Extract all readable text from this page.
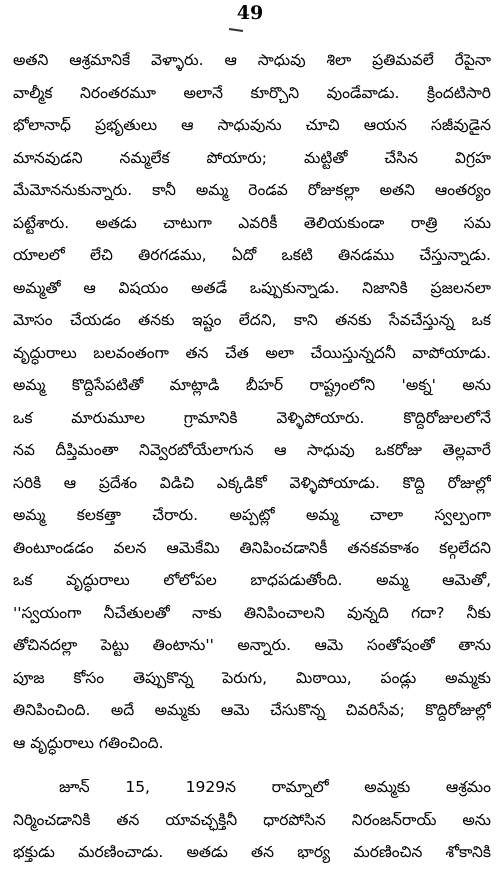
49
అతని ఆశ్రమానికే వెళ్ళారు. ఆ సాధువు శిలా ప్రతిమవలే రేపైనా
వాల్మీక నిరంతరమూ అలానే కూర్చొని వుండేవాడు. క్రిందటిసారి
భోలానాధ్ ప్రభృతులు ఆ సాధువును చూచి ఆయన సజీవుడైన
మానవుడని నమ్మలేక పోయారు; మట్టితో చేసిన విగ్రహ
మేమోననుకున్నారు. కానీ అమ్మ రెండవ రోజుకల్లా అతని ఆంతర్యం
పట్టేశారు. అతడు చాటుగా ఎవరికీ తెలియకుండా రాత్రి సమ
యాలలో లేచి తిరగడము, ఏదో ఒకటి తినడము చేస్తున్నాడు.
అమ్మతో ఆ విషయం అతడే ఒప్పుకున్నాడు. నిజానికి ప్రజలనలా
మోసం చేయడం తనకు ఇష్టం లేదని, కాని తనకు సేవచేస్తున్న ఒక
వృద్ధురాలు బలవంతంగా తన చేత అలా చేయిస్తున్నదనీ వాపోయాడు.
అమ్మ కొద్దిసేపటితో మాట్లాడి బీహర్ రాష్ట్రంలోని 'అక్న' అను
ఒక మారుమూల గ్రామానికి వెళ్ళిపోయారు. కొద్దిరోజులలోనే
నవ దీప్తిమంతా నివ్వెరబోయేలాగున ఆ సాధువు ఒకరోజు తెల్లవారే
సరికి ఆ ప్రదేశం విడిచి ఎక్కడికో వెళ్ళిపోయాడు. కొద్ది రోజుల్లో
అమ్మ కలకత్తా చేరారు. అప్పట్లో అమ్మ చాలా స్వల్పంగా
తింటూండడం వలన ఆమెకేమి తినిపించడానికీ తనకవకాశం కల్గలేదని
ఒక వృద్ధురాలు లోలోపల బాధపడుతోంది. అమ్మ ఆమెతో,
''స్వయంగా నీచేతులతో నాకు తినిపించాలని వున్నది గదా? నీకు
తోచినదల్లా పెట్టు తింటాను'' అన్నారు. ఆమె సంతోషంతో తాను
పూజ కోసం తెప్పుకొన్న పెరుగు, మిఠాయి, పండ్లు అమ్మకు
తినిపించింది. అదే అమ్మకు ఆమె చేసుకొన్న చివరిసేవ; కొద్దిరోజుల్లో
ఆ వృద్ధురాలు గతించింది.
జూన్ 15, 1929న రామ్నాలో అమ్మకు ఆశ్రమం
నిర్మించడానికి తన యావచ్ఛక్తినీ ధారపోసిన నిరంజన్‌రాయ్ అను
భక్తుడు మరణించాడు. అతడు తన భార్య మరణించిన శోకానికి
